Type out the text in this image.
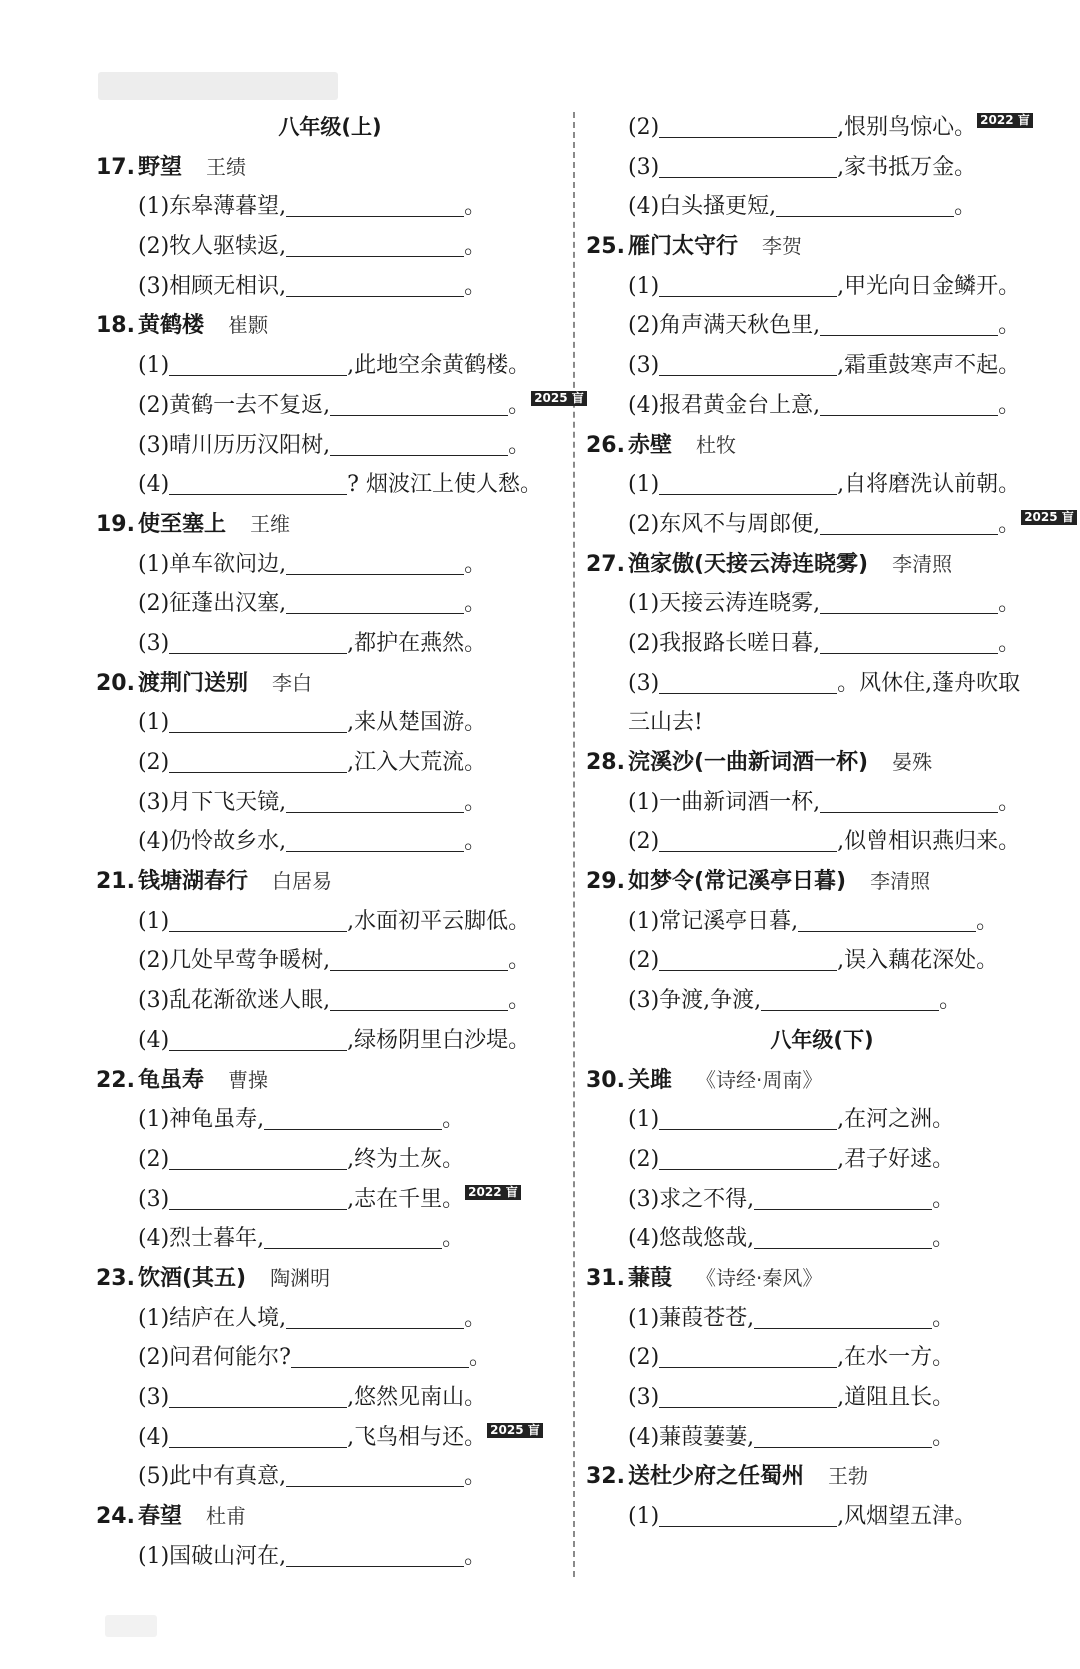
八年级(上)
17. 野望 王绩
(1)东皋薄暮望,	。
(2)牧人驱犊返,	。
(3)相顾无相识,	。
18. 黄鹤楼 崔颢
(1)	,此地空余黄鹤楼。
(2)黄鹤一去不复返,	。 2025 盲
(3)晴川历历汉阳树,	。
(4)	? 烟波江上使人愁。
19. 使至塞上 王维
(1)单车欲问边,	。
(2)征蓬出汉塞,	。
(3)	,都护在燕然。
20. 渡荆门送别 李白
(1)	,来从楚国游。
(2)	,江入大荒流。
(3)月下飞天镜,	。
(4)仍怜故乡水,	。
21. 钱塘湖春行 白居易
(1)	,水面初平云脚低。
(2)几处早莺争暖树,	。
(3)乱花渐欲迷人眼,	。
(4)	,绿杨阴里白沙堤。
22. 龟虽寿 曹操
(1)神龟虽寿,	。
(2)	,终为土灰。
(3)	,志在千里。 2022 盲
(4)烈士暮年,	。
23. 饮酒(其五) 陶渊明
(1)结庐在人境,	。
(2)问君何能尔?	。
(3)	,悠然见南山。
(4)	,飞鸟相与还。 2025 盲
(5)此中有真意,	。
24. 春望 杜甫
(1)国破山河在,	。
(2)	,恨别鸟惊心。 2022 盲
(3)	,家书抵万金。
(4)白头搔更短,	。
25. 雁门太守行 李贺
(1)	,甲光向日金鳞开。
(2)角声满天秋色里,	。
(3)	,霜重鼓寒声不起。
(4)报君黄金台上意,	。
26. 赤壁 杜牧
(1)	,自将磨洗认前朝。
(2)东风不与周郎便,	。 2025 盲
27. 渔家傲(天接云涛连晓雾) 李清照
(1)天接云涛连晓雾,	。
(2)我报路长嗟日暮,	。
(3)	。风休住,蓬舟吹取
三山去!
28. 浣溪沙(一曲新词酒一杯) 晏殊
(1)一曲新词酒一杯,	。
(2)	,似曾相识燕归来。
29. 如梦令(常记溪亭日暮) 李清照
(1)常记溪亭日暮,	。
(2)	,误入藕花深处。
(3)争渡,争渡,	。
八年级(下)
30. 关雎 《诗经·周南》
(1)	,在河之洲。
(2)	,君子好逑。
(3)求之不得,	。
(4)悠哉悠哉,	。
31. 蒹葭 《诗经·秦风》
(1)蒹葭苍苍,	。
(2)	,在水一方。
(3)	,道阻且长。
(4)蒹葭萋萋,	。
32. 送杜少府之任蜀州 王勃
(1)	,风烟望五津。
